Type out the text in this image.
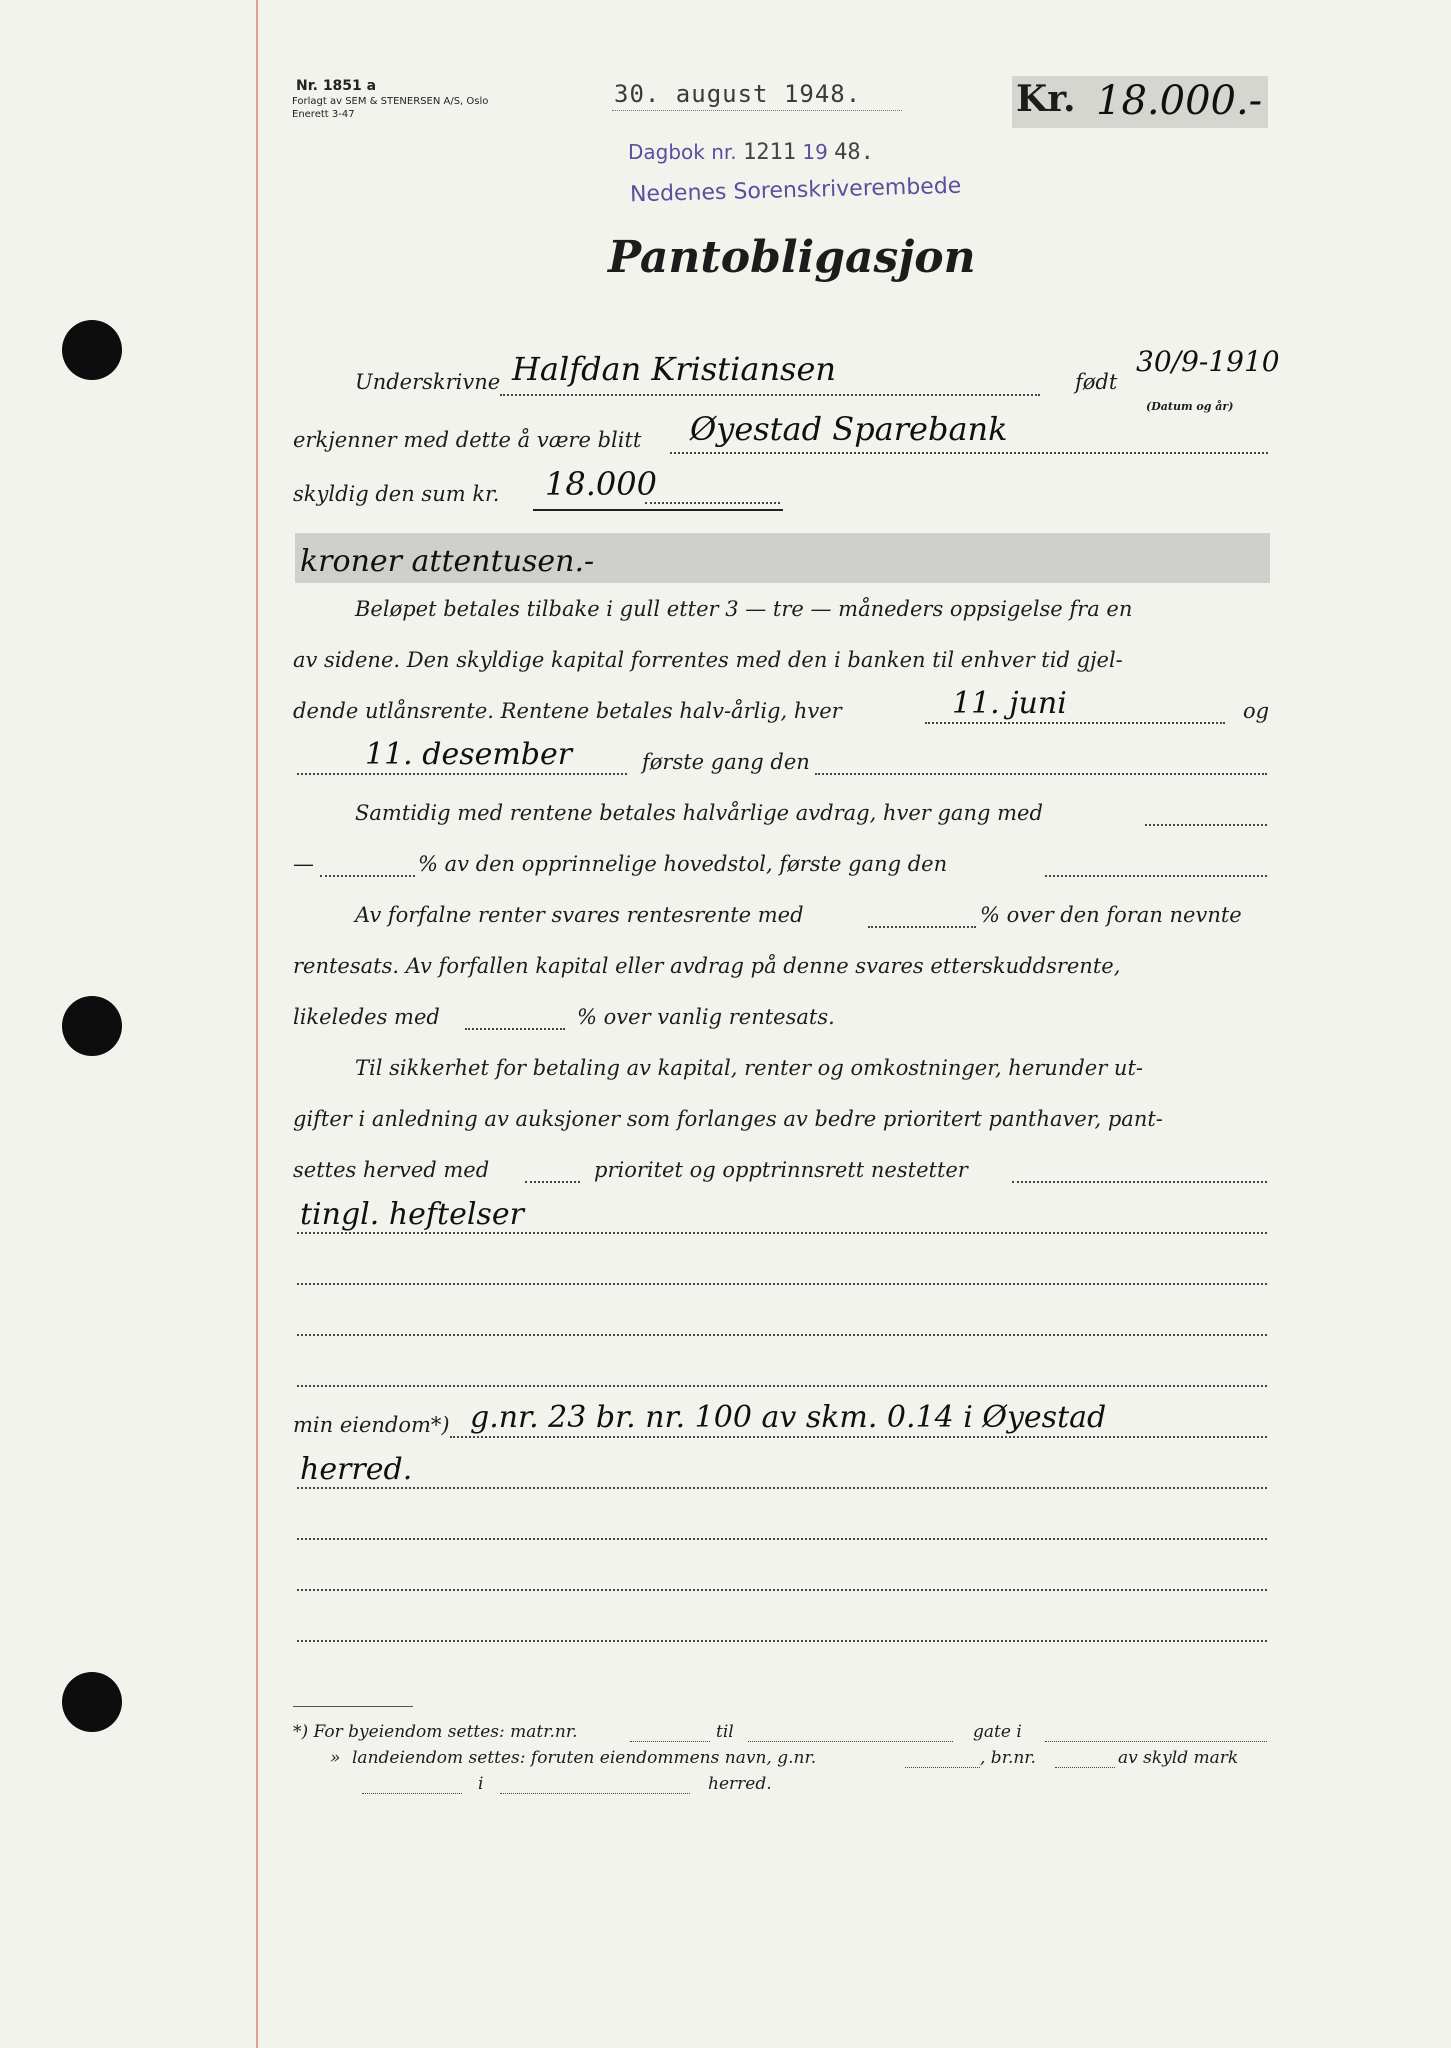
Nr. 1851 a
Forlagt av SEM & STENERSEN A/S, Oslo
Enerett 3-47
30. august 1948.
Dagbok nr. 1211 19 48.
Nedenes Sorenskriverembede
Kr. 18.000.-
Pantobligasjon
Underskrivne Halfdan Kristiansen	født
30/9-1910
(Datum og år)
erkjenner med dette å være blitt Øyestad Sparebank
skyldig den sum kr. 18.000
kroner attentusen.-
Beløpet betales tilbake i gull etter 3 — tre — måneders oppsigelse fra en
av sidene. Den skyldige kapital forrentes med den i banken til enhver tid gjel-
dende utlånsrente. Rentene betales halv-årlig, hver	11. juni	og
11. desember	første gang den
Samtidig med rentene betales halvårlige avdrag, hver gang med
—	% av den opprinnelige hovedstol, første gang den
Av forfalne renter svares rentesrente med	% over den foran nevnte
rentesats. Av forfallen kapital eller avdrag på denne svares etterskuddsrente,
likeledes med	% over vanlig rentesats.
Til sikkerhet for betaling av kapital, renter og omkostninger, herunder ut-
gifter i anledning av auksjoner som forlanges av bedre prioritert panthaver, pant-
settes herved med	prioritet og opptrinnsrett nestetter
tingl. heftelser
min eiendom*) g.nr. 23 br. nr. 100 av skm. 0.14 i Øyestad
herred.
*) For byeiendom settes: matr.nr.	til	gate i
» landeiendom settes: foruten eiendommens navn, g.nr.	, br.nr.	av skyld mark
i	herred.
